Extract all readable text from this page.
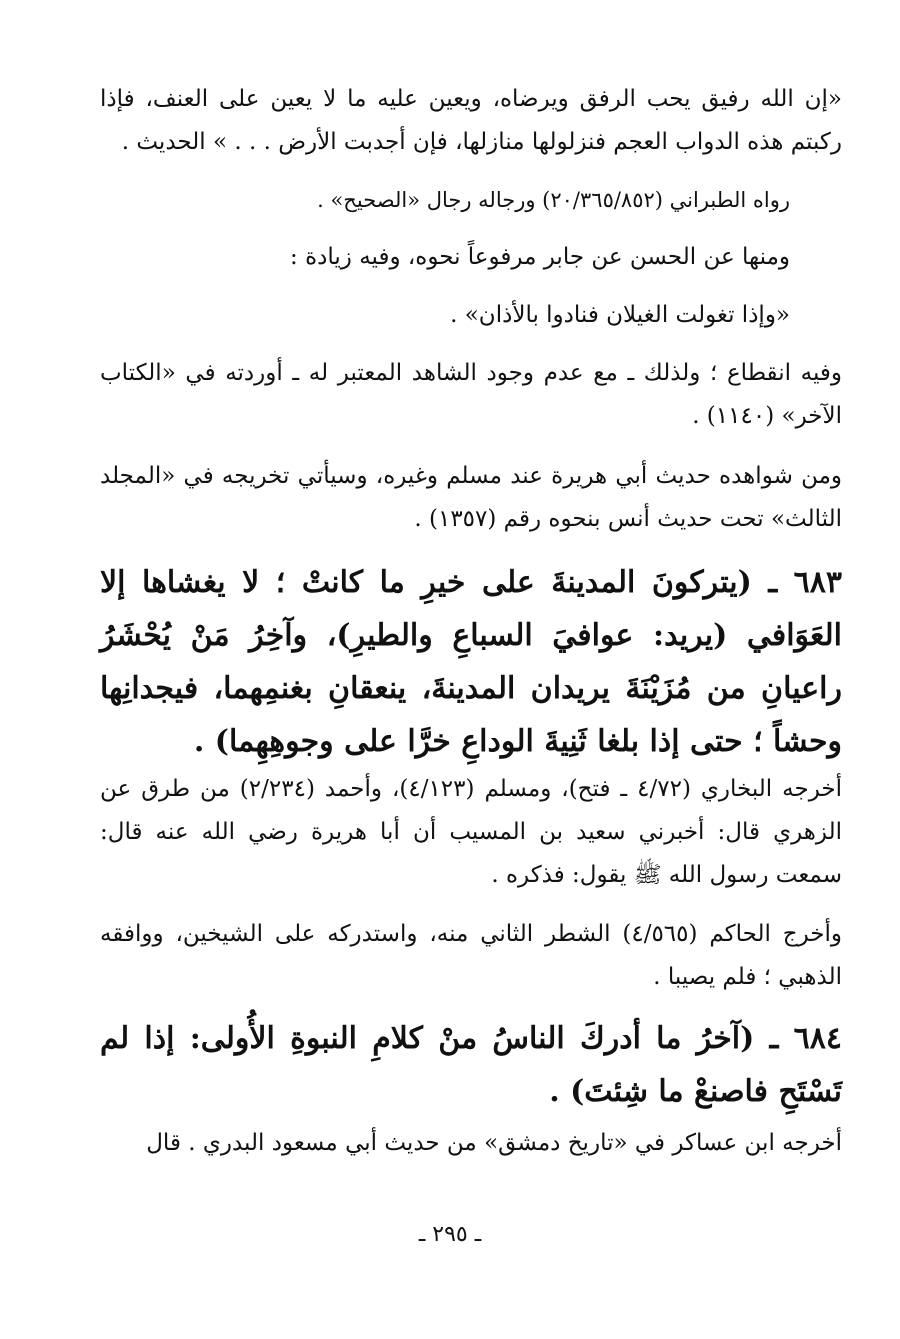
«إن الله رفيق يحب الرفق ويرضاه، ويعين عليه ما لا يعين على العنف، فإذا ركبتم هذه الدواب العجم فنزلولها منازلها، فإن أجدبت الأرض . . . » الحديث .

رواه الطبراني (٢٠/٣٦٥/٨٥٢) ورجاله رجال «الصحيح» .

ومنها عن الحسن عن جابر مرفوعاً نحوه، وفيه زيادة :

«وإذا تغولت الغيلان فنادوا بالأذان» .

وفيه انقطاع ؛ ولذلك ـ مع عدم وجود الشاهد المعتبر له ـ أوردته في «الكتاب الآخر» (١١٤٠) .

ومن شواهده حديث أبي هريرة عند مسلم وغيره، وسيأتي تخريجه في «المجلد الثالث» تحت حديث أنس بنحوه رقم (١٣٥٧) .

٦٨٣ ـ (يتركونَ المدينةَ على خيرِ ما كانتْ ؛ لا يغشاها إلا العَوَافي (يريد: عوافيَ السباعِ والطيرِ)، وآخِرُ مَنْ يُحْشَرُ راعيانِ من مُزَيْنَةَ يريدان المدينةَ، ينعقانِ بغنمِهما، فيجدانِها وحشاً ؛ حتى إذا بلغا ثَنِيةَ الوداعِ خرَّا على وجوهِهِما) .

أخرجه البخاري (٤/٧٢ ـ فتح)، ومسلم (٤/١٢٣)، وأحمد (٢/٢٣٤) من طرق عن الزهري قال: أخبرني سعيد بن المسيب أن أبا هريرة رضي الله عنه قال: سمعت رسول الله ﷺ يقول: فذكره .

وأخرج الحاكم (٤/٥٦٥) الشطر الثاني منه، واستدركه على الشيخين، ووافقه الذهبي ؛ فلم يصيبا .

٦٨٤ ـ (آخرُ ما أدركَ الناسُ منْ كلامِ النبوةِ الأُولى: إذا لم تَسْتَحِ فاصنعْ ما شِئتَ) .

أخرجه ابن عساكر في «تاريخ دمشق» من حديث أبي مسعود البدري . قال

ـ ٢٩٥ ـ
